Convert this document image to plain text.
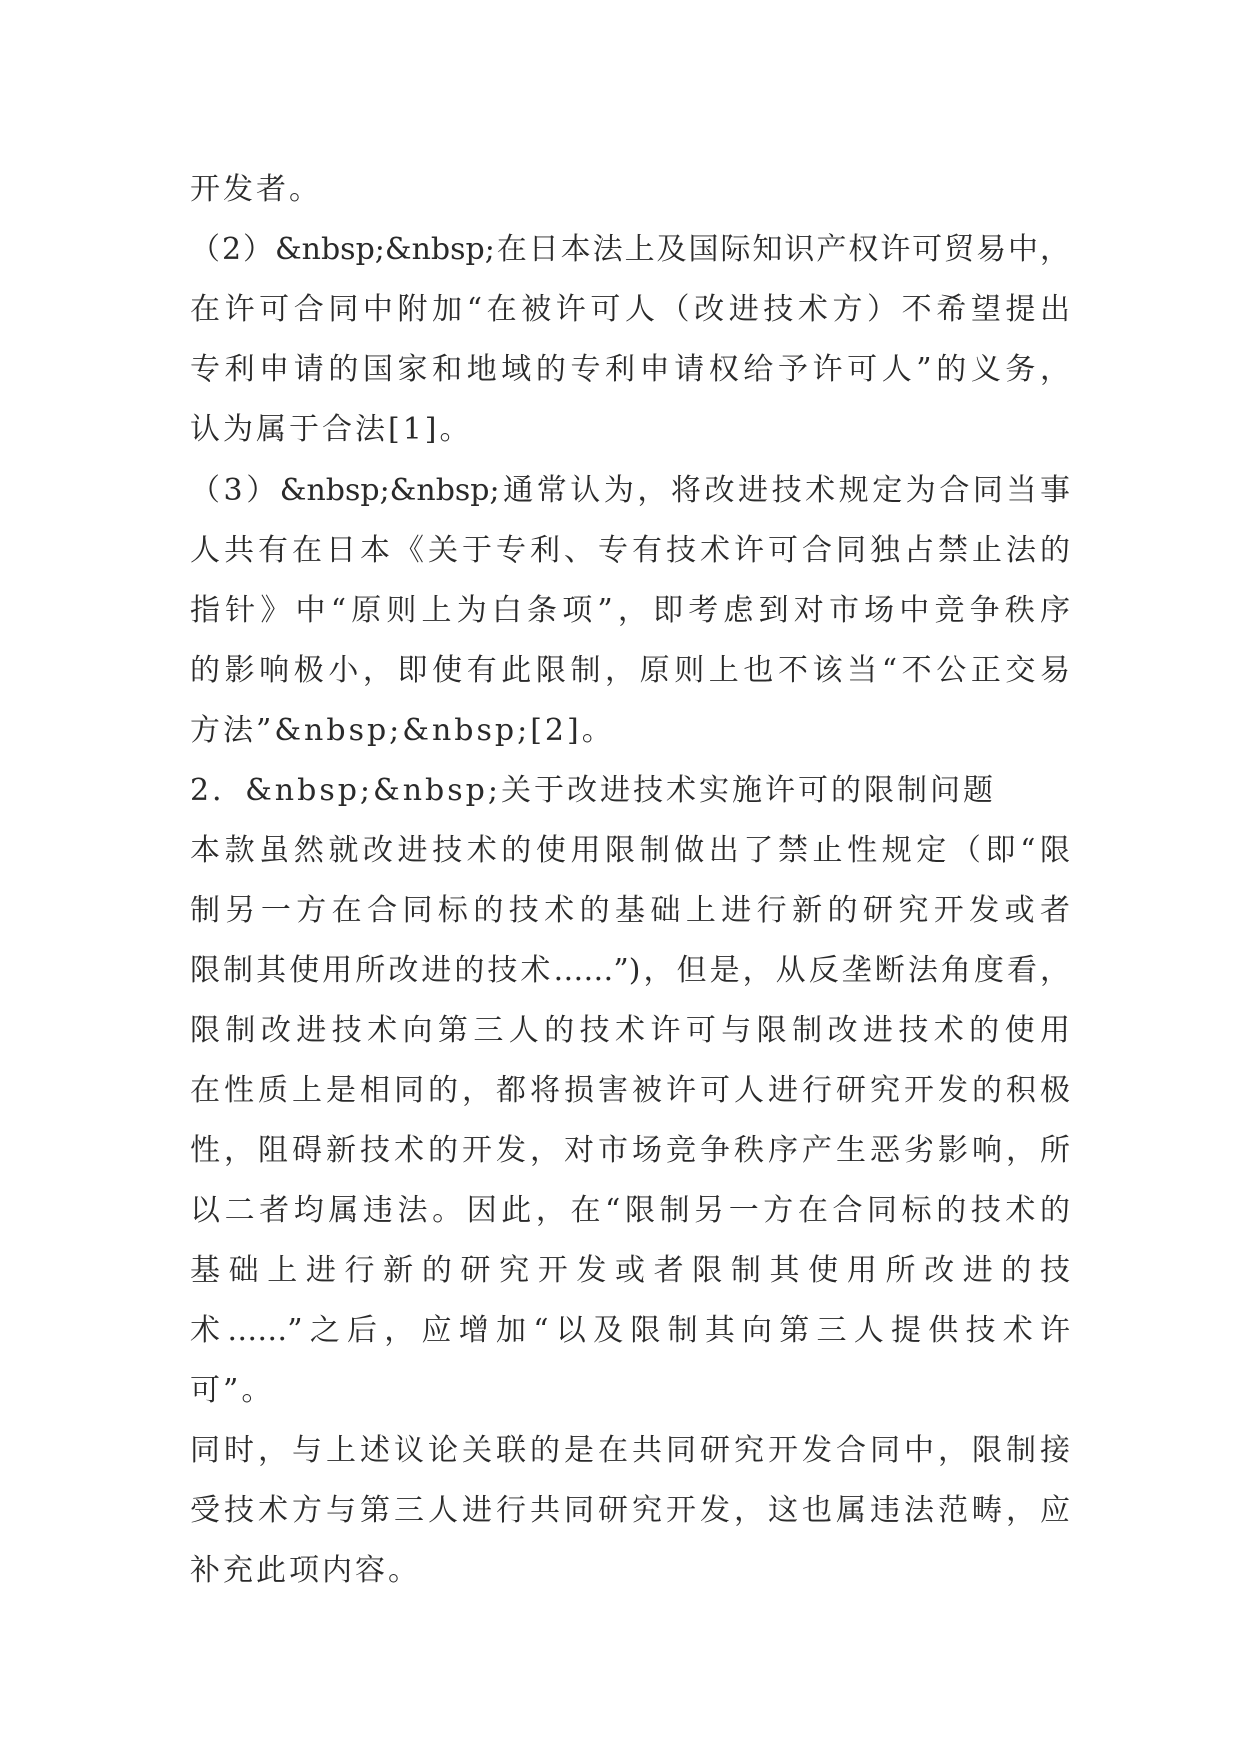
开发者。
（2）&nbsp;&nbsp;在日本法上及国际知识产权许可贸易中，
在许可合同中附加“在被许可人（改进技术方）不希望提出
专利申请的国家和地域的专利申请权给予许可人”的义务，
认为属于合法[1]。
（3）&nbsp;&nbsp;通常认为，将改进技术规定为合同当事
人共有在日本《关于专利、专有技术许可合同独占禁止法的
指针》中“原则上为白条项”，即考虑到对市场中竞争秩序
的影响极小，即使有此限制，原则上也不该当“不公正交易
方法”&nbsp;&nbsp;[2]。
2．&nbsp;&nbsp;关于改进技术实施许可的限制问题
本款虽然就改进技术的使用限制做出了禁止性规定（即“限
制另一方在合同标的技术的基础上进行新的研究开发或者
限制其使用所改进的技术……”)，但是，从反垄断法角度看，
限制改进技术向第三人的技术许可与限制改进技术的使用
在性质上是相同的，都将损害被许可人进行研究开发的积极
性，阻碍新技术的开发，对市场竞争秩序产生恶劣影响，所
以二者均属违法。因此，在“限制另一方在合同标的技术的
基础上进行新的研究开发或者限制其使用所改进的技
术……”之后，应增加“以及限制其向第三人提供技术许
可”。
同时，与上述议论关联的是在共同研究开发合同中，限制接
受技术方与第三人进行共同研究开发，这也属违法范畴，应
补充此项内容。
